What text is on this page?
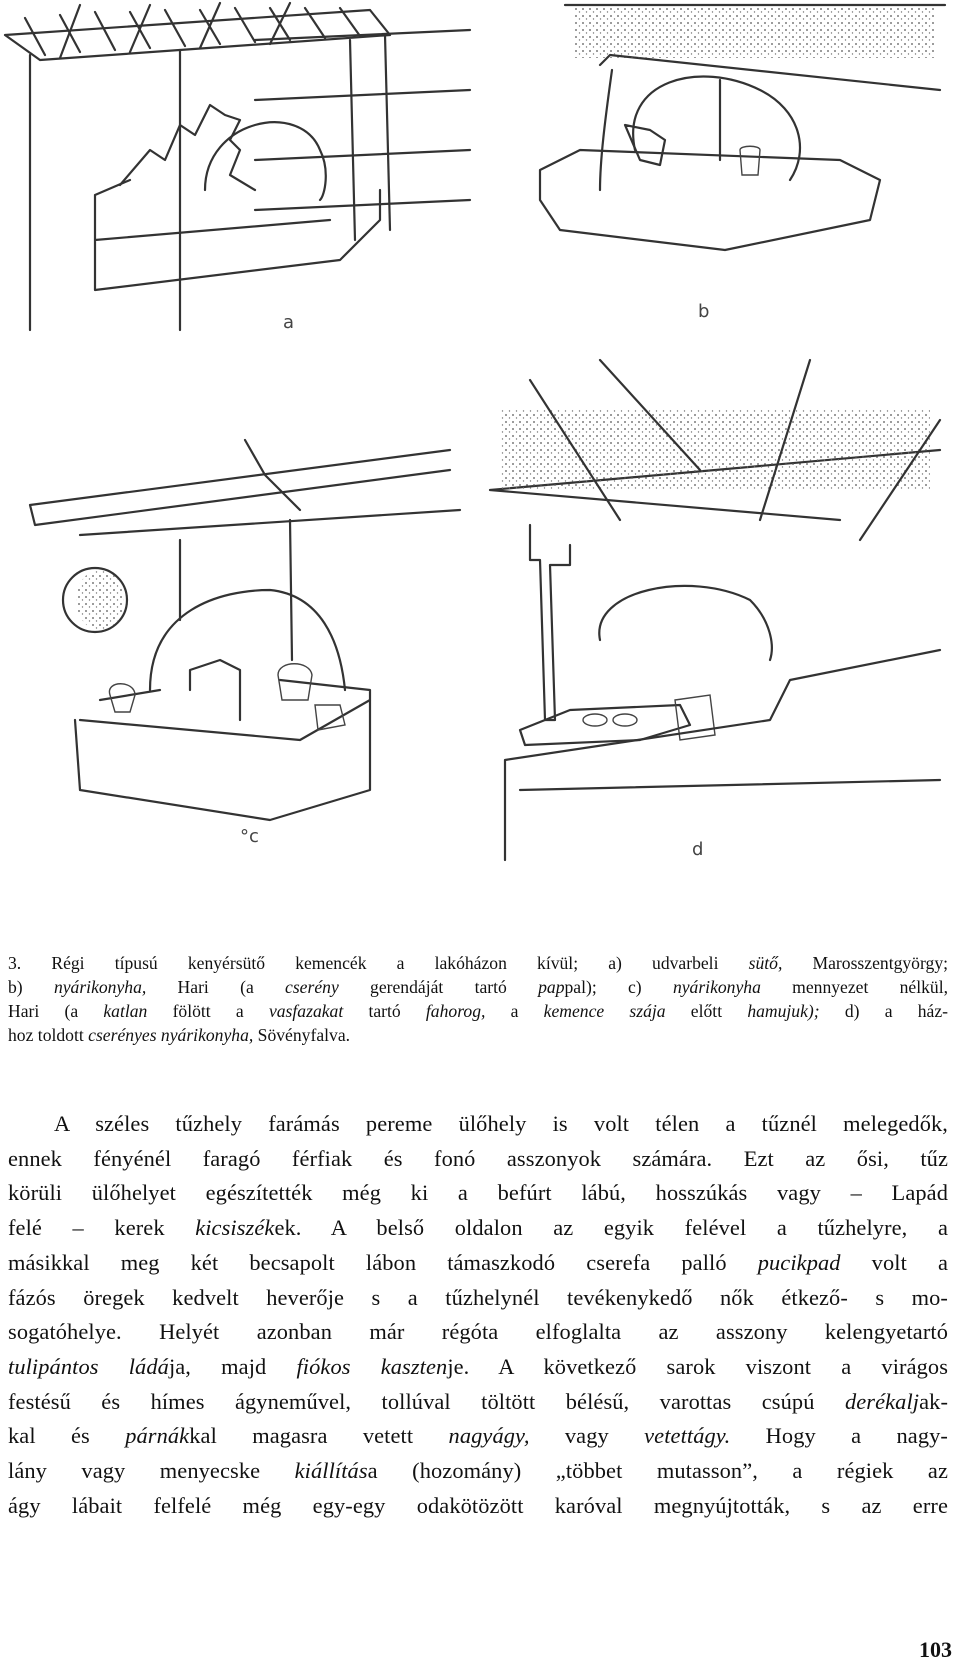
a
b
°c
d
3. Régi típusú kenyérsütő kemencék a lakóházon kívül; a) udvarbeli sütő, Marosszentgyörgy;
b) nyárikonyha, Hari (a cserény gerendáját tartó pappal); c) nyárikonyha mennyezet nélkül,
Hari (a katlan fölött a vasfazakat tartó fahorog, a kemence szája előtt hamujuk); d) a ház-
hoz toldott cserényes nyárikonyha, Sövényfalva.
A széles tűzhely farámás pereme ülőhely is volt télen a tűznél melegedők,
ennek fényénél faragó férfiak és fonó asszonyok számára. Ezt az ősi, tűz
körüli ülőhelyet egészítették még ki a befúrt lábú, hosszúkás vagy – Lapád
felé – kerek kicsiszékek. A belső oldalon az egyik felével a tűzhelyre, a
másikkal meg két becsapolt lábon támaszkodó cserefa palló pucikpad volt a
fázós öregek kedvelt heverője s a tűzhelynél tevékenykedő nők étkező- s mo-
sogatóhelye. Helyét azonban már régóta elfoglalta az asszony kelengyetartó
tulipántos ládája, majd fiókos kasztenje. A következő sarok viszont a virágos
festésű és hímes ágyneművel, tollúval töltött bélésű, varottas csúpú derékaljak-
kal és párnákkal magasra vetett nagyágy, vagy vetettágy. Hogy a nagy-
lány vagy menyecske kiállítása (hozomány) „többet mutasson”, a régiek az
ágy lábait felfelé még egy-egy odakötözött karóval megnyújtották, s az erre
103
